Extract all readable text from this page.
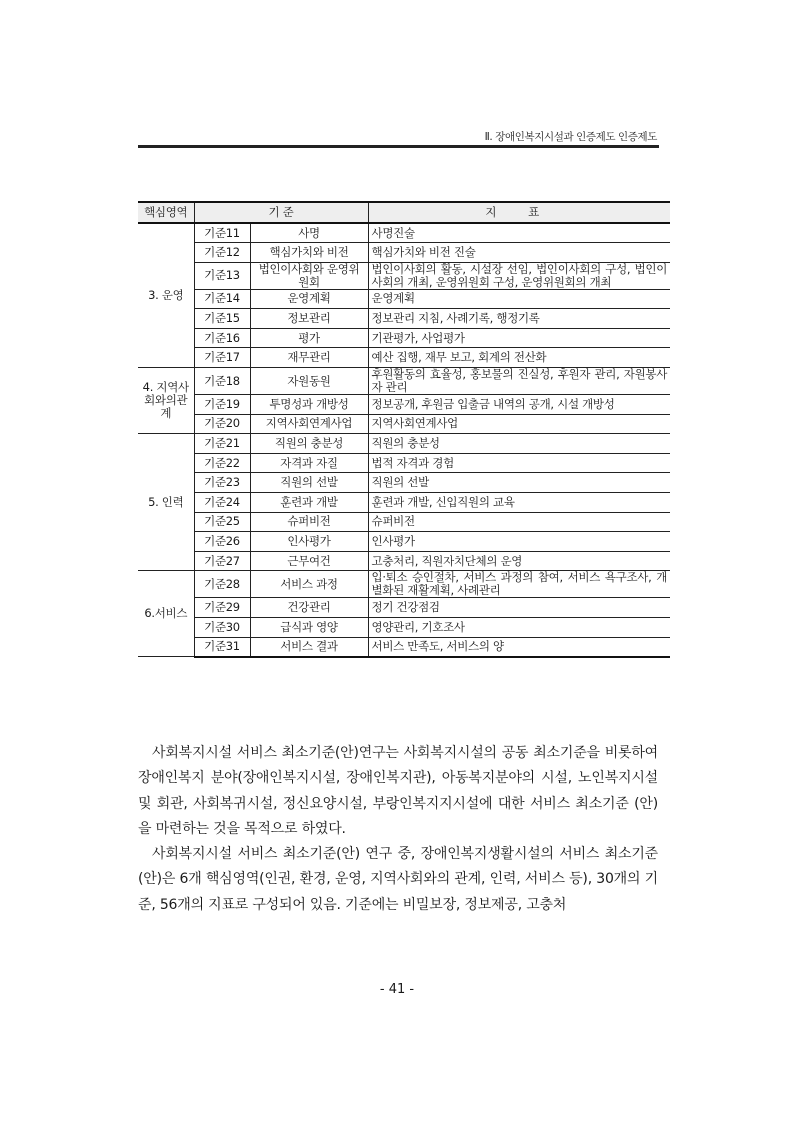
Ⅱ. 장애인복지시설과 인증제도 인증제도
핵심영역	기 준		지 표
3. 운영	기준11	사명	사명진술
	기준12	핵심가치와 비전	핵심가치와 비전 진술
	기준13	법인이사회와 운영위원회	법인이사회의 활동, 시설장 선임, 법인이사회의 구성, 법인이사회의 개최, 운영위원회 구성, 운영위원회의 개최
	기준14	운영계획	운영계획
	기준15	정보관리	정보관리 지침, 사례기록, 행정기록
	기준16	평가	기관평가, 사업평가
	기준17	재무관리	예산 집행, 재무 보고, 회계의 전산화
4. 지역사회와의관계	기준18	자원동원	후원활동의 효율성, 홍보물의 진실성, 후원자 관리, 자원봉사자 관리
	기준19	투명성과 개방성	정보공개, 후원금 입출금 내역의 공개, 시설 개방성
	기준20	지역사회연계사업	지역사회연계사업
5. 인력	기준21	직원의 충분성	직원의 충분성
	기준22	자격과 자질	법적 자격과 경험
	기준23	직원의 선발	직원의 선발
	기준24	훈련과 개발	훈련과 개발, 신입직원의 교육
	기준25	슈퍼비전	슈퍼비전
	기준26	인사평가	인사평가
	기준27	근무여건	고충처리, 직원자치단체의 운영
6.서비스	기준28	서비스 과정	입·퇴소 승인절차, 서비스 과정의 참여, 서비스 욕구조사, 개별화된 재활계획, 사례관리
	기준29	건강관리	정기 건강점검
	기준30	급식과 영양	영양관리, 기호조사
	기준31	서비스 결과	서비스 만족도, 서비스의 양

사회복지시설 서비스 최소기준(안)연구는 사회복지시설의 공동 최소기준을 비롯하여 장애인복지 분야(장애인복지시설, 장애인복지관), 아동복지분야의 시설, 노인복지시설 및 회관, 사회복귀시설, 정신요양시설, 부랑인복지지시설에 대한 서비스 최소기준 (안)을 마련하는 것을 목적으로 하였다.

사회복지시설 서비스 최소기준(안) 연구 중, 장애인복지생활시설의 서비스 최소기준(안)은 6개 핵심영역(인권, 환경, 운영, 지역사회와의 관계, 인력, 서비스 등), 30개의 기준, 56개의 지표로 구성되어 있음. 기준에는 비밀보장, 정보제공, 고충처

- 41 -
